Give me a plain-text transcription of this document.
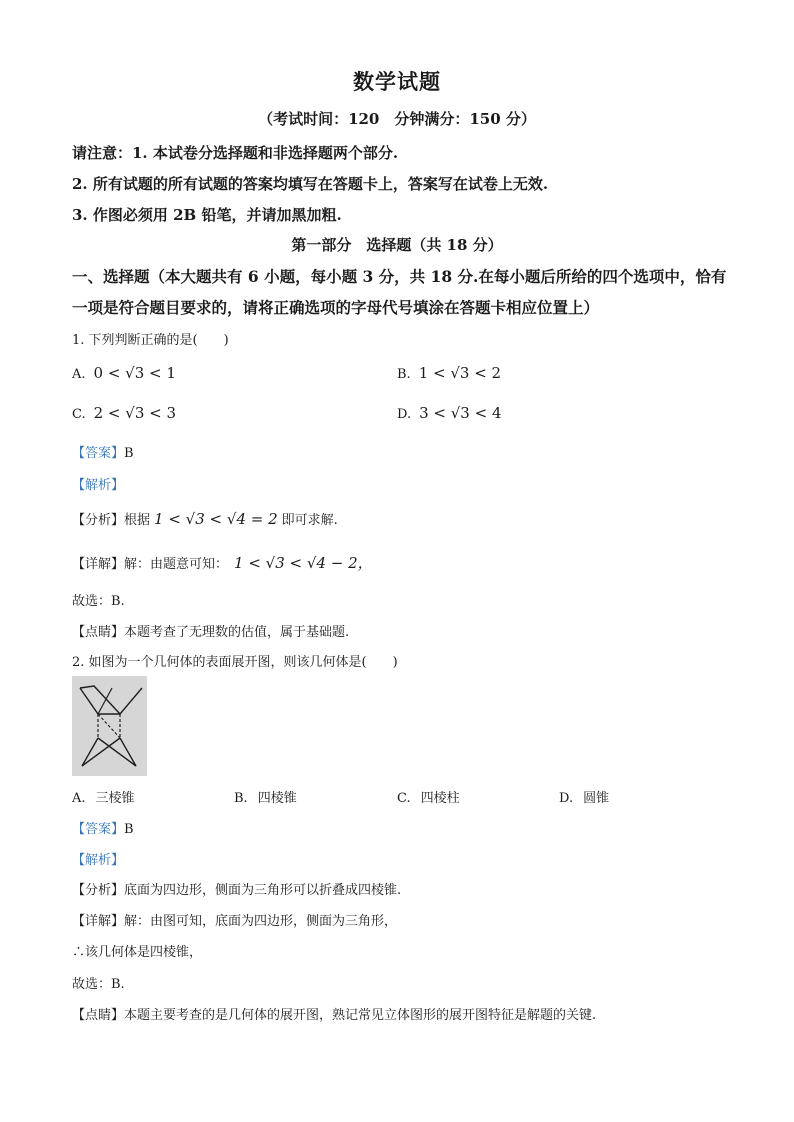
数学试题
（考试时间：120　分钟满分：150 分）
请注意：1. 本试卷分选择题和非选择题两个部分.
2. 所有试题的所有试题的答案均填写在答题卡上，答案写在试卷上无效.
3. 作图必须用 2B 铅笔，并请加黑加粗.
第一部分　选择题（共 18 分）
一、选择题（本大题共有 6 小题，每小题 3 分，共 18 分.在每小题后所给的四个选项中，恰有
一项是符合题目要求的，请将正确选项的字母代号填涂在答题卡相应位置上）
1. 下列判断正确的是(　　)
A. 0 < √3 < 1	B. 1 < √3 < 2
C. 2 < √3 < 3	D. 3 < √3 < 4
【答案】B
【解析】
【分析】根据 1 < √3 < √4 = 2 即可求解.
【详解】解：由题意可知： 1 < √3 < √4 − 2，
故选：B.
【点睛】本题考查了无理数的估值，属于基础题.
2. 如图为一个几何体的表面展开图，则该几何体是(　　)
A. 三棱锥	B. 四棱锥	C. 四棱柱	D. 圆锥
【答案】B
【解析】
【分析】底面为四边形，侧面为三角形可以折叠成四棱锥.
【详解】解：由图可知，底面为四边形，侧面为三角形，
∴该几何体是四棱锥，
故选：B.
【点睛】本题主要考查的是几何体的展开图，熟记常见立体图形的展开图特征是解题的关键.
